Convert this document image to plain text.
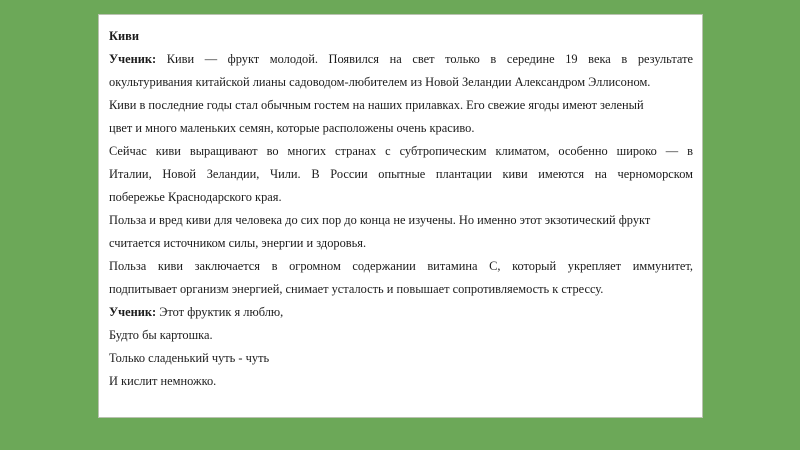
Киви
Ученик: Киви — фрукт молодой. Появился на свет только в середине 19 века в результате
окультуривания китайской лианы садоводом-любителем из Новой Зеландии Александром Эллисоном.
Киви в последние годы стал обычным гостем на наших прилавках. Его свежие ягоды имеют зеленый
цвет и много маленьких семян, которые расположены очень красиво.
Сейчас киви выращивают во многих странах с субтропическим климатом, особенно широко — в
Италии, Новой Зеландии, Чили. В России опытные плантации киви имеются на черноморском
побережье Краснодарского края.
Польза и вред киви для человека до сих пор до конца не изучены. Но именно этот экзотический фрукт
считается источником силы, энергии и здоровья.
Польза киви заключается в огромном содержании витамина С, который укрепляет иммунитет,
подпитывает организм энергией, снимает усталость и повышает сопротивляемость к стрессу.
Ученик: Этот фруктик я люблю,
Будто бы картошка.
Только сладенький чуть - чуть
И кислит немножко.
